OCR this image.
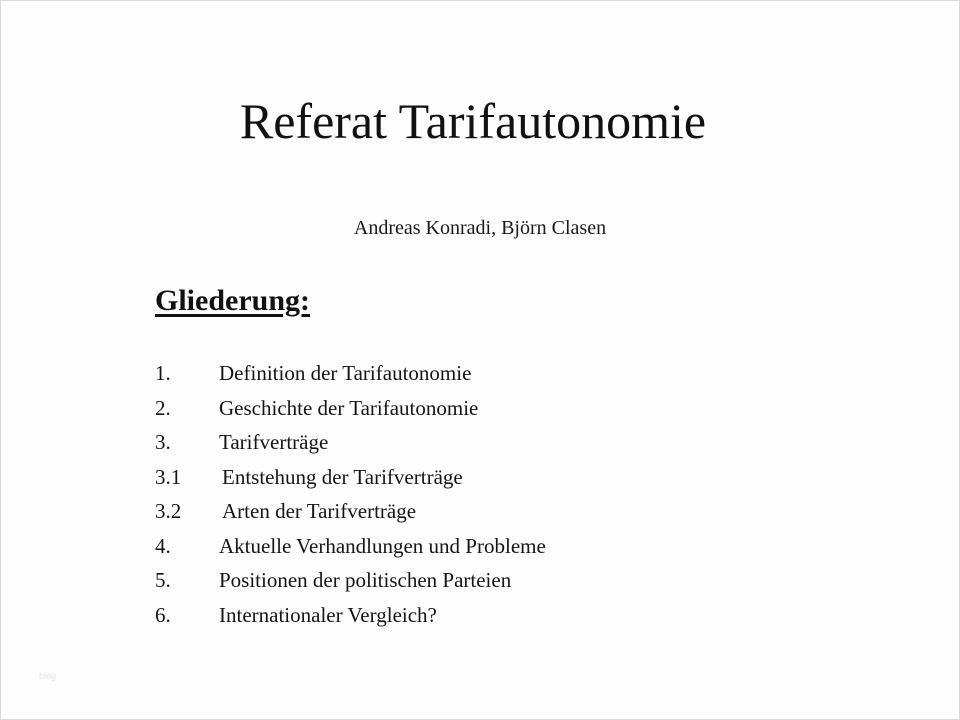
Referat Tarifautonomie
Andreas Konradi, Björn Clasen
Gliederung:
1. Definition der Tarifautonomie
2. Geschichte der Tarifautonomie
3. Tarifverträge
3.1 Entstehung der Tarifverträge
3.2 Arten der Tarifverträge
4. Aktuelle Verhandlungen und Probleme
5. Positionen der politischen Parteien
6. Internationaler Vergleich?
blog
